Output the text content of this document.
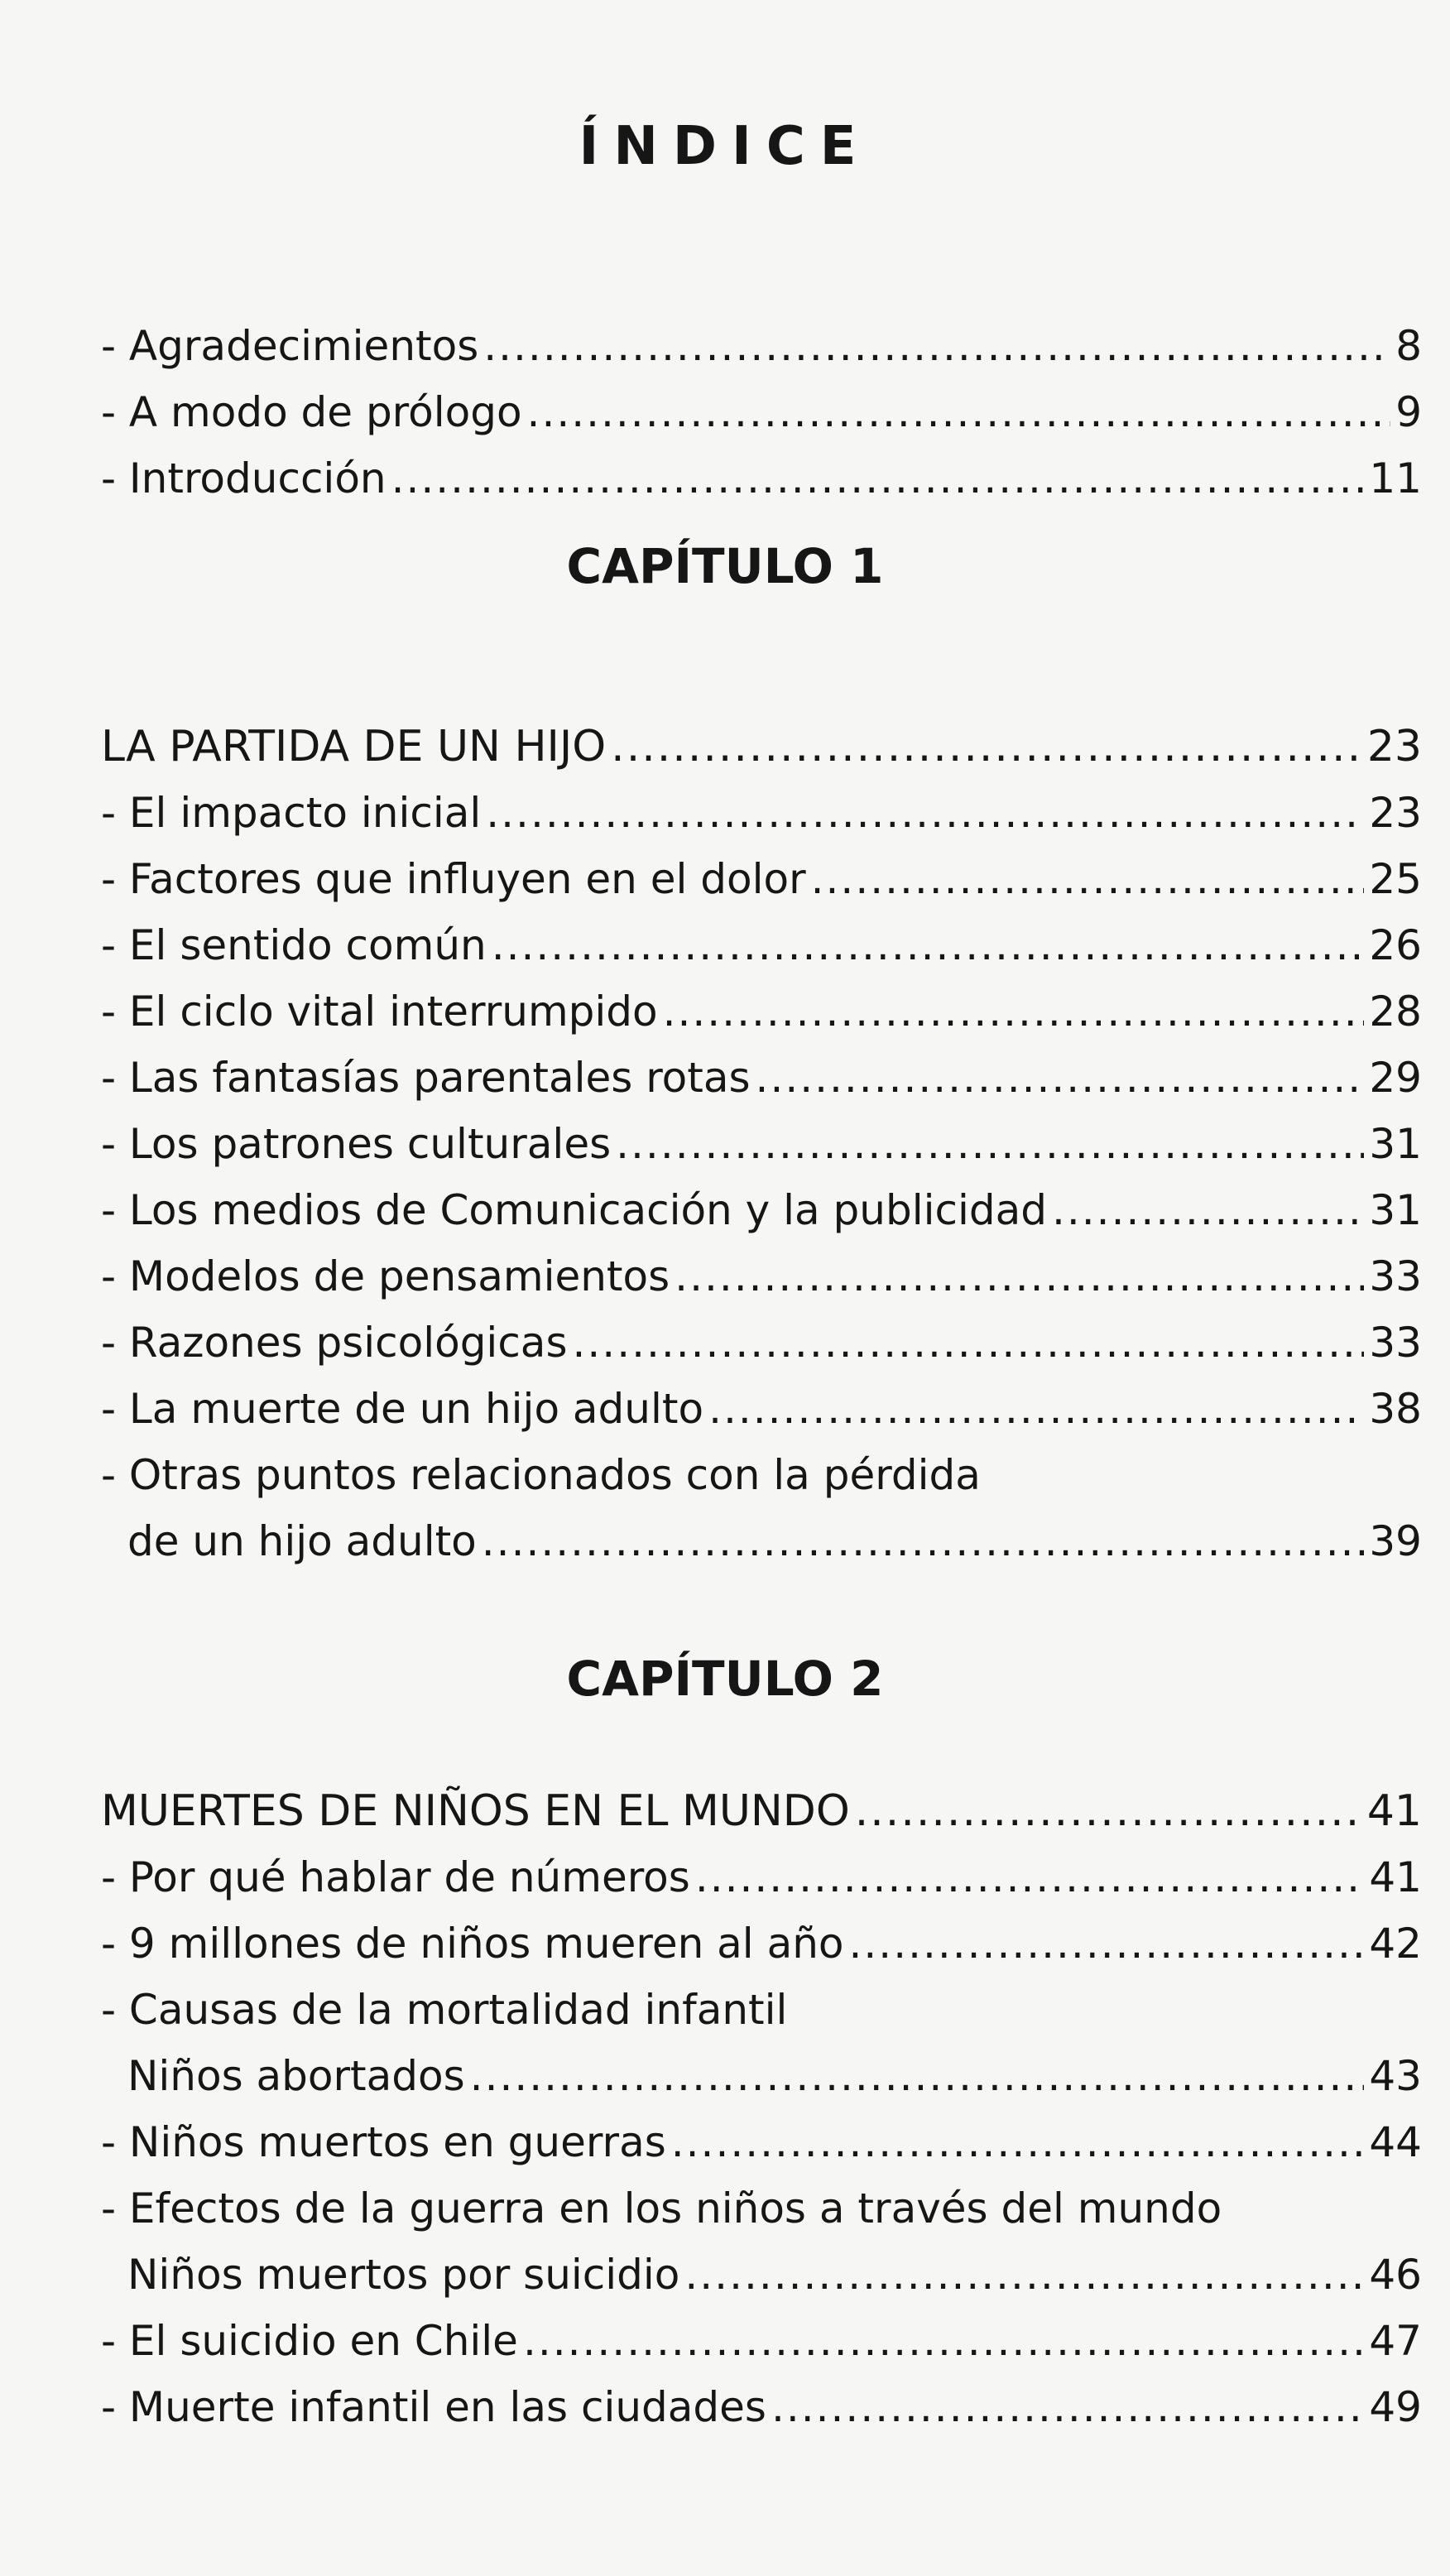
ÍNDICE
- Agradecimientos .....	8
- A modo de prólogo .....	9
- Introducción .....	11
CAPÍTULO 1
LA PARTIDA DE UN HIJO .....	23
- El impacto inicial .....	23
- Factores que influyen en el dolor .....	25
- El sentido común .....	26
- El ciclo vital interrumpido .....	28
- Las fantasías parentales rotas .....	29
- Los patrones culturales .....	31
- Los medios de Comunicación y la publicidad .....	31
- Modelos de pensamientos .....	33
- Razones psicológicas .....	33
- La muerte de un hijo adulto .....	38
- Otras puntos relacionados con la pérdida
de un hijo adulto .....	39
CAPÍTULO 2
MUERTES DE NIÑOS EN EL MUNDO .....	41
- Por qué hablar de números .....	41
- 9 millones de niños mueren al año .....	42
- Causas de la mortalidad infantil
Niños abortados .....	43
- Niños muertos en guerras .....	44
- Efectos de la guerra en los niños a través del mundo
Niños muertos por suicidio .....	46
- El suicidio en Chile .....	47
- Muerte infantil en las ciudades .....	49
